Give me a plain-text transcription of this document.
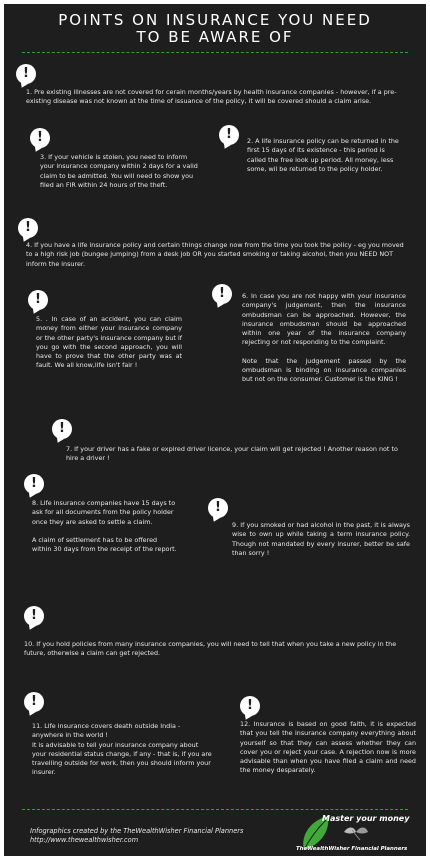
POINTS ON INSURANCE YOU NEED
TO BE AWARE OF
!
1. Pre existing illnesses are not covered for cerain months/years by health insurance companies - however, if a pre-existing disease was not known at the time of issuance of the policy, it will be covered should a claim arise.
!
3. If your vehicle is stolen, you need to inform your insurance company within 2 days for a valid claim to be admitted. You will need to show you filed an FIR within 24 hours of the theft.
!	2. A life insurance policy can be returned in the first 15 days of its existence - this period is called the free look up period. All money, less some, wil be returned to the policy holder.
!
4. If you have a life insurance policy and certain things change now from the time you took the policy - eg you moved to a high risk job (bungee jumping) from a desk job OR you started smoking or taking alcohol, then you NEED NOT inform the insurer.
!
5. . In case of an accident, you can claim money from either your insurance company or the other party's insurance company but if you go with the second approach, you will have to prove that the other party was at fault. We all know,life isn't fair !
!	6. In case you are not happy with your insurance company's judgement, then the insurance ombudsman can be approached. However, the insurance ombudsman should be approached within one year of the insurance company rejecting or not responding to the complaint.
Note that the judgement passed by the ombudsman is binding on insurance companies but not on the consumer. Customer is the KING !
!
7. If your driver has a fake or expired driver licence, your claim will get rejected ! Another reason not to hire a driver !
!
8. Life insurance companies have 15 days to ask for all documents from the policy holder once they are asked to settle a claim.
A claim of settlement has to be offered within 30 days from the receipt of the report.
!
9. If you smoked or had alcohol in the past, it is always wise to own up while taking a term insurance policy. Though not mandated by every insurer, better be safe than sorry !
!
10. If you hold policies from many insurance companies, you will need to tell that when you take a new policy in the future, otherwise a claim can get rejected.
!
11. Life insurance covers death outside India - anywhere in the world !
It is advisable to tell your insurance company about your residential status change, if any - that is, if you are travelling outside for work, then you should inform your insurer.
!
12. Insurance is based on good faith, it is expected that you tell the insurance company everything about yourself so that they can assess whether they can cover you or reject your case. A rejection now is more advisable than when you have filed a claim and need the money desparately.
Infographics created by the TheWealthWisher Financial Planners
http://www.thewealthwisher.com
Master your money
TheWealthWisher Financial Planners
